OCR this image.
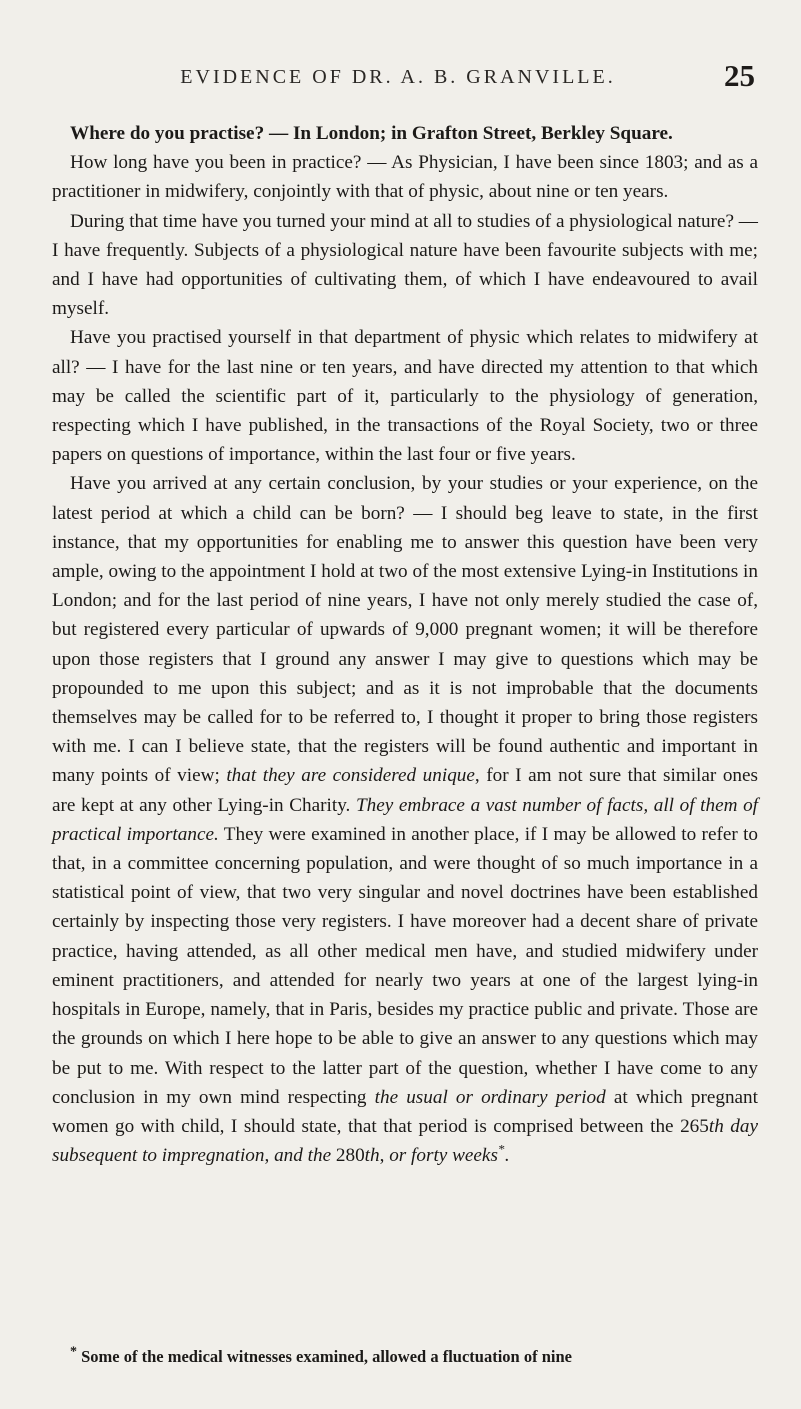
EVIDENCE OF DR. A. B. GRANVILLE.	25

Where do you practise? — In London; in Grafton Street, Berkley Square.

How long have you been in practice? — As Physician, I have been since 1803; and as a practitioner in midwifery, conjointly with that of physic, about nine or ten years.

During that time have you turned your mind at all to studies of a physiological nature? — I have frequently. Subjects of a physiological nature have been favourite subjects with me; and I have had opportunities of cultivating them, of which I have endeavoured to avail myself.

Have you practised yourself in that department of physic which relates to midwifery at all? — I have for the last nine or ten years, and have directed my attention to that which may be called the scientific part of it, particularly to the physiology of generation, respecting which I have published, in the transactions of the Royal Society, two or three papers on questions of importance, within the last four or five years.

Have you arrived at any certain conclusion, by your studies or your experience, on the latest period at which a child can be born? — I should beg leave to state, in the first instance, that my opportunities for enabling me to answer this question have been very ample, owing to the appointment I hold at two of the most extensive Lying-in Institutions in London; and for the last period of nine years, I have not only merely studied the case of, but registered every particular of upwards of 9,000 pregnant women; it will be therefore upon those registers that I ground any answer I may give to questions which may be propounded to me upon this subject; and as it is not improbable that the documents themselves may be called for to be referred to, I thought it proper to bring those registers with me. I can I believe state, that the registers will be found authentic and important in many points of view; that they are considered unique, for I am not sure that similar ones are kept at any other Lying-in Charity. They embrace a vast number of facts, all of them of practical importance. They were examined in another place, if I may be allowed to refer to that, in a committee concerning population, and were thought of so much importance in a statistical point of view, that two very singular and novel doctrines have been established certainly by inspecting those very registers. I have moreover had a decent share of private practice, having attended, as all other medical men have, and studied midwifery under eminent practitioners, and attended for nearly two years at one of the largest lying-in hospitals in Europe, namely, that in Paris, besides my practice public and private. Those are the grounds on which I here hope to be able to give an answer to any questions which may be put to me. With respect to the latter part of the question, whether I have come to any conclusion in my own mind respecting the usual or ordinary period at which pregnant women go with child, I should state, that that period is comprised between the 265th day subsequent to impregnation, and the 280th, or forty weeks*.

* Some of the medical witnesses examined, allowed a fluctuation of nine
